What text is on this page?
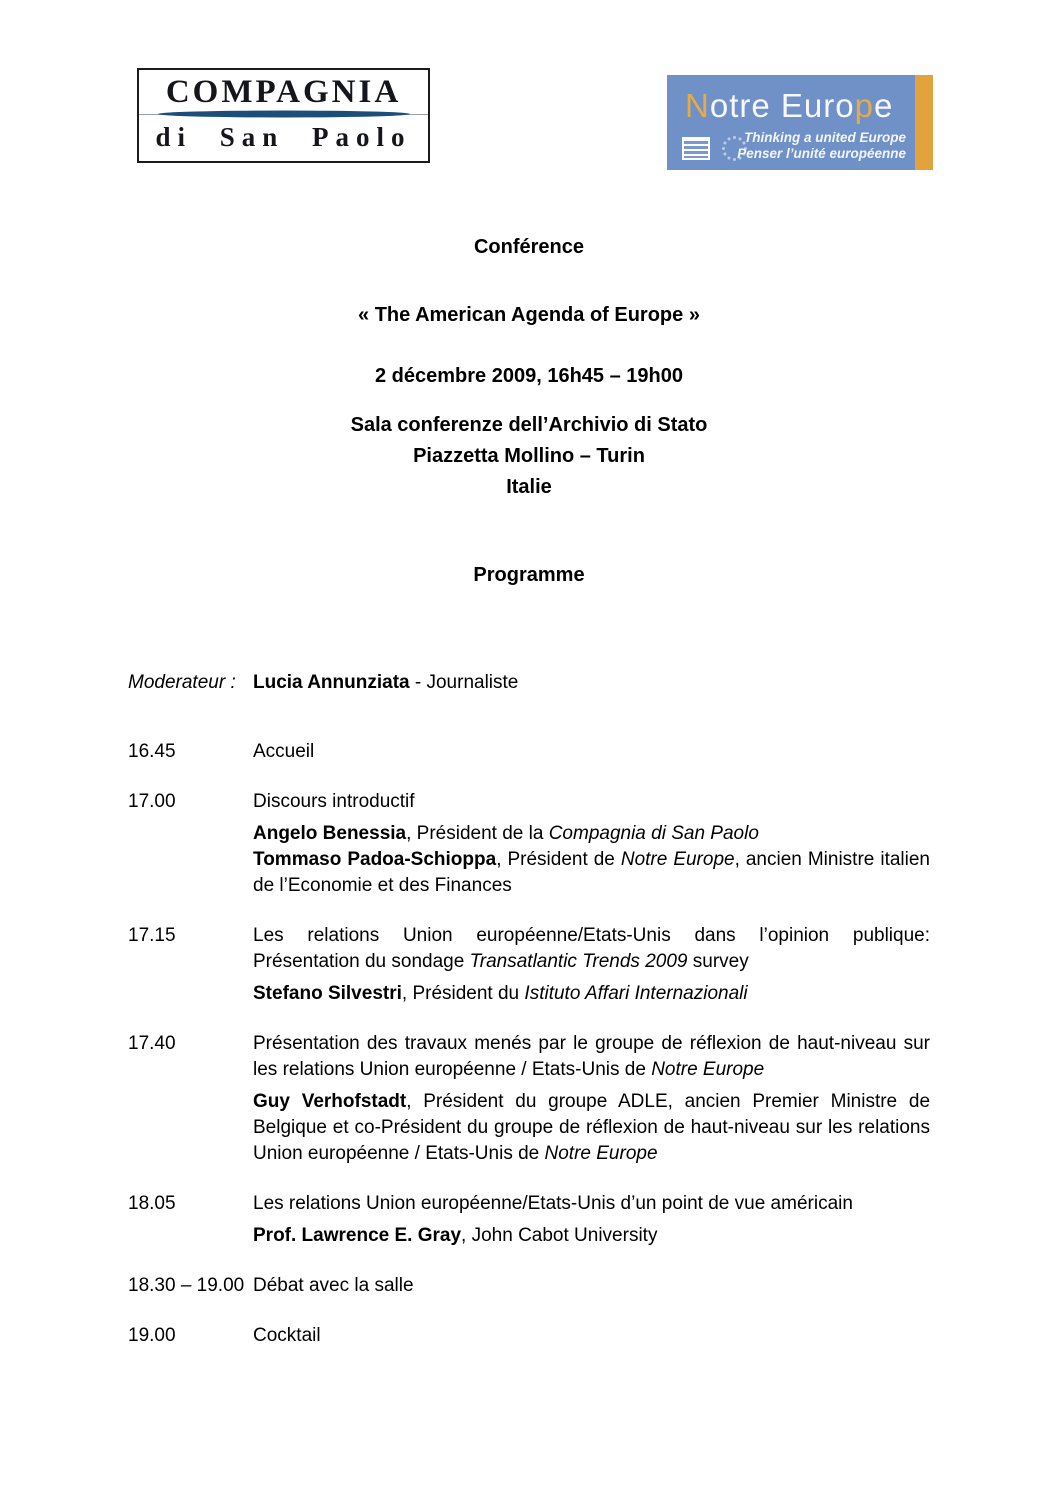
COMPAGNIA
di San Paolo
Notre Europe
Thinking a united Europe
Penser l’unité européenne
Conférence
« The American Agenda of Europe »
2 décembre 2009, 16h45 – 19h00
Sala conferenze dell’Archivio di Stato
Piazzetta Mollino – Turin
Italie
Programme
Moderateur : Lucia Annunziata - Journaliste

16.45	Accueil

17.00	Discours introductif

Angelo Benessia, Président de la Compagnia di San Paolo

Tommaso Padoa-Schioppa, Président de Notre Europe, ancien Ministre italien de l’Economie et des Finances

17.15	Les relations Union européenne/Etats-Unis dans l’opinion publique: Présentation du sondage Transatlantic Trends 2009 survey

Stefano Silvestri, Président du Istituto Affari Internazionali

17.40	Présentation des travaux menés par le groupe de réflexion de haut-niveau sur les relations Union européenne / Etats-Unis de Notre Europe

Guy Verhofstadt, Président du groupe ADLE, ancien Premier Ministre de Belgique et co-Président du groupe de réflexion de haut-niveau sur les relations Union européenne / Etats-Unis de Notre Europe

18.05	Les relations Union européenne/Etats-Unis d’un point de vue américain

Prof. Lawrence E. Gray, John Cabot University

18.30 – 19.00 Débat avec la salle

19.00	Cocktail
